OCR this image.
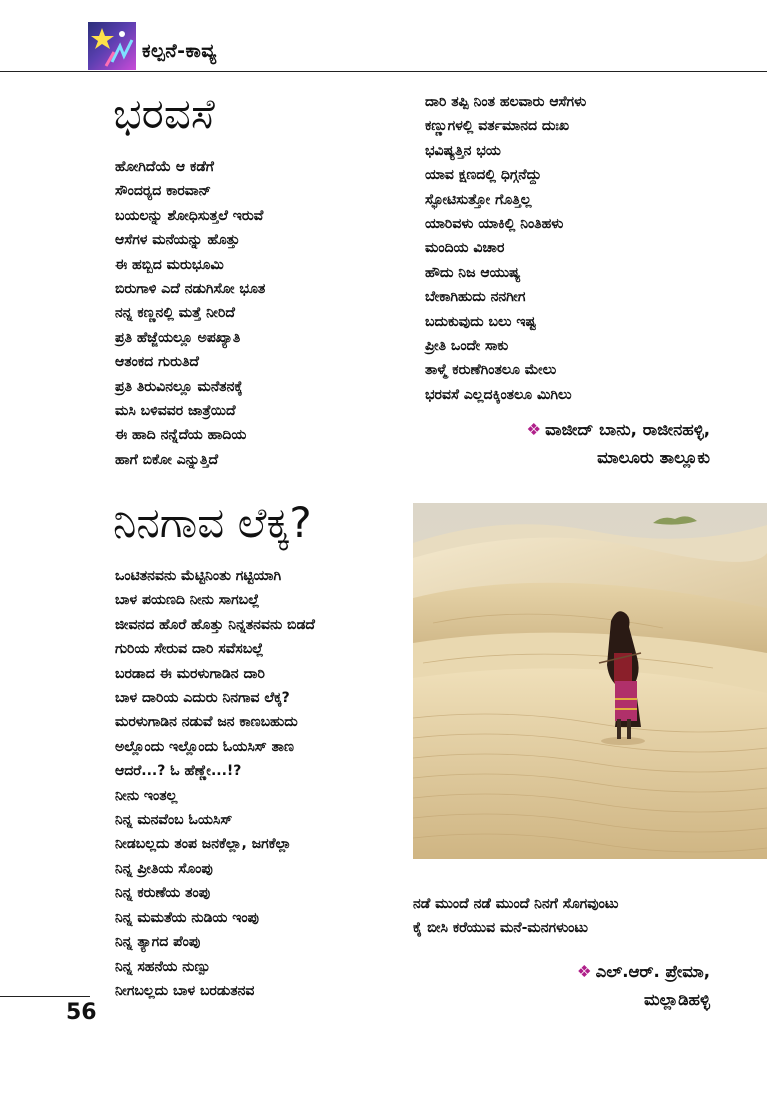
ಕಲ್ಪನೆ-ಕಾವ್ಯ
ಭರವಸೆ
ಹೋಗಿದೆಯೆ ಆ ಕಡೆಗೆ
ಸೌಂದರ್‍ಯದ ಕಾರವಾನ್
ಬಯಲನ್ನು ಶೋಧಿಸುತ್ತಲೆ ಇರುವೆ
ಆಸೆಗಳ ಮನೆಯನ್ನು ಹೊತ್ತು
ಈ ಹಬ್ಬಿದ ಮರುಭೂಮಿ
ಬಿರುಗಾಳಿ ಎದೆ ನಡುಗಿಸೋ ಭೂತ
ನನ್ನ ಕಣ್ಣನಲ್ಲಿ ಮತ್ತೆ ನೀರಿದೆ
ಪ್ರತಿ ಹೆಜ್ಜೆಯಲ್ಲೂ ಅಪಖ್ಯಾತಿ
ಆತಂಕದ ಗುರುತಿದೆ
ಪ್ರತಿ ತಿರುವಿನಲ್ಲೂ ಮನೆತನಕ್ಕೆ
ಮಸಿ ಬಳಿವವರ ಜಾತ್ರೆಯಿದೆ
ಈ ಹಾದಿ ನನ್ನೆದೆಯ ಹಾದಿಯ
ಹಾಗೆ ಬಿಕೋ ಎನ್ನುತ್ತಿದೆ
ದಾರಿ ತಪ್ಪಿ ನಿಂತ ಹಲವಾರು ಆಸೆಗಳು
ಕಣ್ಣುಗಳಲ್ಲಿ ವರ್ತಮಾನದ ದುಃಖ
ಭವಿಷ್ಯತ್ತಿನ ಭಯ
ಯಾವ ಕ್ಷಣದಲ್ಲಿ ಧಿಗ್ಗನೆದ್ದು
ಸ್ಫೋಟಿಸುತ್ತೋ ಗೊತ್ತಿಲ್ಲ
ಯಾರಿವಳು ಯಾಕಿಲ್ಲಿ ನಿಂತಿಹಳು
ಮಂದಿಯ ವಿಚಾರ
ಹೌದು ನಿಜ ಆಯುಷ್ಯ
ಬೇಕಾಗಿಹುದು ನನಗೀಗ
ಬದುಕುವುದು ಬಲು ಇಷ್ಟ
ಪ್ರೀತಿ ಒಂದೇ ಸಾಕು
ತಾಳ್ಮೆ ಕರುಣೆಗಿಂತಲೂ ಮೇಲು
ಭರವಸೆ ಎಲ್ಲದಕ್ಕಿಂತಲೂ ಮಿಗಿಲು
❖ ವಾಜೀದ್ ಬಾನು, ರಾಜೀನಹಳ್ಳಿ,
ಮಾಲೂರು ತಾಲ್ಲೂಕು
ನಿನಗಾವ ಲೆಕ್ಕ?
ಒಂಟಿತನವನು ಮೆಟ್ಟಿನಿಂತು ಗಟ್ಟಿಯಾಗಿ
ಬಾಳ ಪಯಣದಿ ನೀನು ಸಾಗಬಲ್ಲೆ
ಜೀವನದ ಹೊರೆ ಹೊತ್ತು ನಿನ್ನತನವನು ಬಿಡದೆ
ಗುರಿಯ ಸೇರುವ ದಾರಿ ಸವೆಸಬಲ್ಲೆ
ಬರಡಾದ ಈ ಮರಳುಗಾಡಿನ ದಾರಿ
ಬಾಳ ದಾರಿಯ ಎದುರು ನಿನಗಾವ ಲೆಕ್ಕ?
ಮರಳುಗಾಡಿನ ನಡುವೆ ಜನ ಕಾಣಬಹುದು
ಅಲ್ಲೊಂದು ಇಲ್ಲೊಂದು ಓಯಸಿಸ್ ತಾಣ
ಆದರೆ...? ಓ ಹೆಣ್ಣೇ...!?
ನೀನು ಇಂತಲ್ಲ
ನಿನ್ನ ಮನವೆಂಬ ಓಯಸಿಸ್
ನೀಡಬಲ್ಲದು ತಂಪ ಜನಕೆಲ್ಲಾ, ಜಗಕೆಲ್ಲಾ
ನಿನ್ನ ಪ್ರೀತಿಯ ಸೊಂಪು
ನಿನ್ನ ಕರುಣೆಯ ತಂಪು
ನಿನ್ನ ಮಮತೆಯ ನುಡಿಯ ಇಂಪು
ನಿನ್ನ ತ್ಯಾಗದ ಪೆಂಪು
ನಿನ್ನ ಸಹನೆಯ ನುಣ್ಪು
ನೀಗಬಲ್ಲದು ಬಾಳ ಬರಡುತನವ
ನಡೆ ಮುಂದೆ ನಡೆ ಮುಂದೆ ನಿನಗೆ ಸೊಗವುಂಟು
ಕೈ ಬೀಸಿ ಕರೆಯುವ ಮನೆ-ಮನಗಳುಂಟು
❖ ಎಲ್.ಆರ್. ಪ್ರೇಮಾ,
ಮಲ್ಲಾಡಿಹಳ್ಳಿ
56
